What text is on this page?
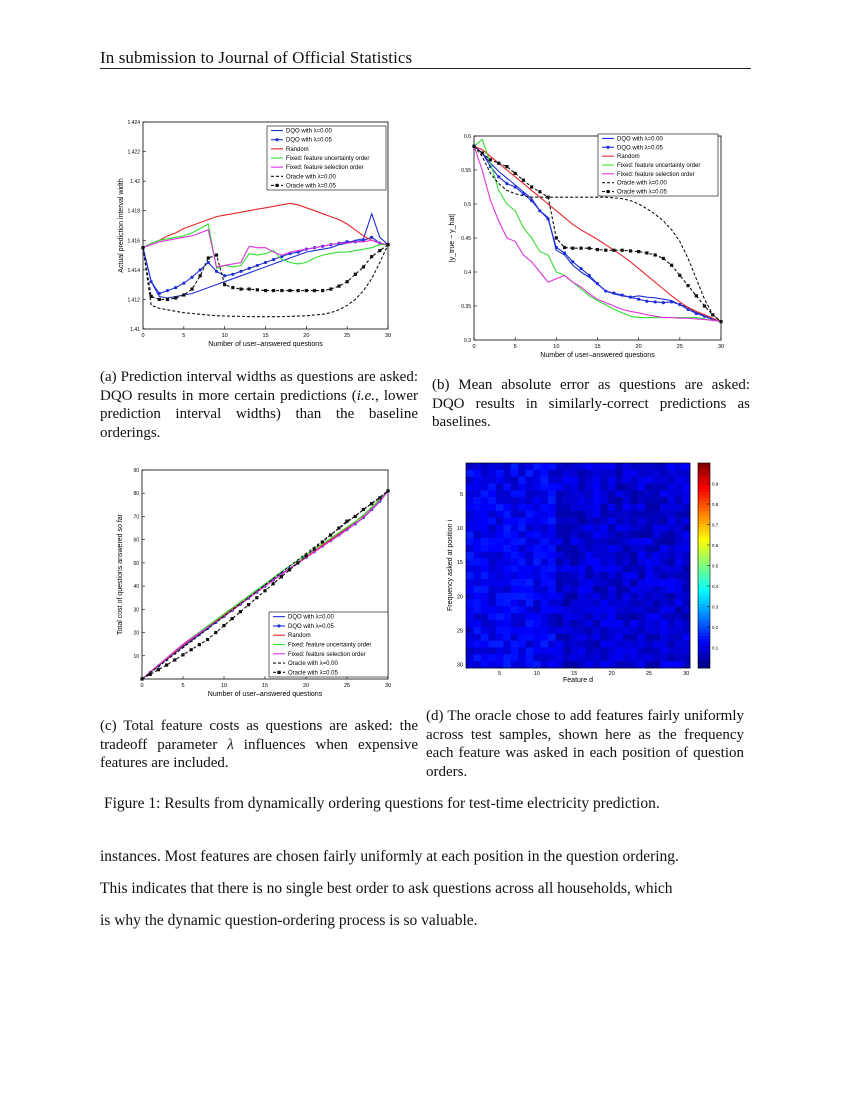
In submission to Journal of Official Statistics
0	5	10	15	20	25	30
1.41
1.412
1.414
1.416
1.418
1.42
1.422
1.424
Number of user–answered questions
Actual prediction interval width
DQO with λ=0.00
DQO with λ=0.05
Random
Fixed: feature uncertainty order
Fixed: feature selection order
Oracle with λ=0.00
Oracle with λ=0.05
(a) Prediction interval widths as questions are asked: DQO results in more certain predictions (i.e., lower prediction interval widths) than the baseline orderings.
0	5	10	15	20	25	30
0.3
0.35
0.4
0.45
0.5
0.55
0.6
Number of user–answered questions
|y_true − y_hat|
DQO with λ=0.00
DQO with λ=0.05
Random
Fixed: feature uncertainty order
Fixed: feature selection order
Oracle with λ=0.00
Oracle with λ=0.05
(b) Mean absolute error as questions are asked: DQO results in similarly-correct predictions as baselines.
0	5	10	15	20	25	30
10
20
30
40
50
60
70
80
90
Number of user–answered questions
Total cost of questions answered so far	DQO with λ=0.00
DQO with λ=0.05
Random
Fixed: feature uncertainty order
Fixed: feature selection order
Oracle with λ=0.00
Oracle with λ=0.05
(c) Total feature costs as questions are asked: the tradeoff parameter λ influences when expensive features are included.
5	10	15	20	25	30
5
10
15
20
25
30
Feature d
Frequency asked at position i
0.1
0.2
0.3
0.4
0.5
0.6
0.7
0.8
0.9
(d) The oracle chose to add features fairly uniformly across test samples, shown here as the frequency each feature was asked in each position of question orders.
Figure 1: Results from dynamically ordering questions for test-time electricity prediction.
instances. Most features are chosen fairly uniformly at each position in the question ordering.
This indicates that there is no single best order to ask questions across all households, which
is why the dynamic question-ordering process is so valuable.
